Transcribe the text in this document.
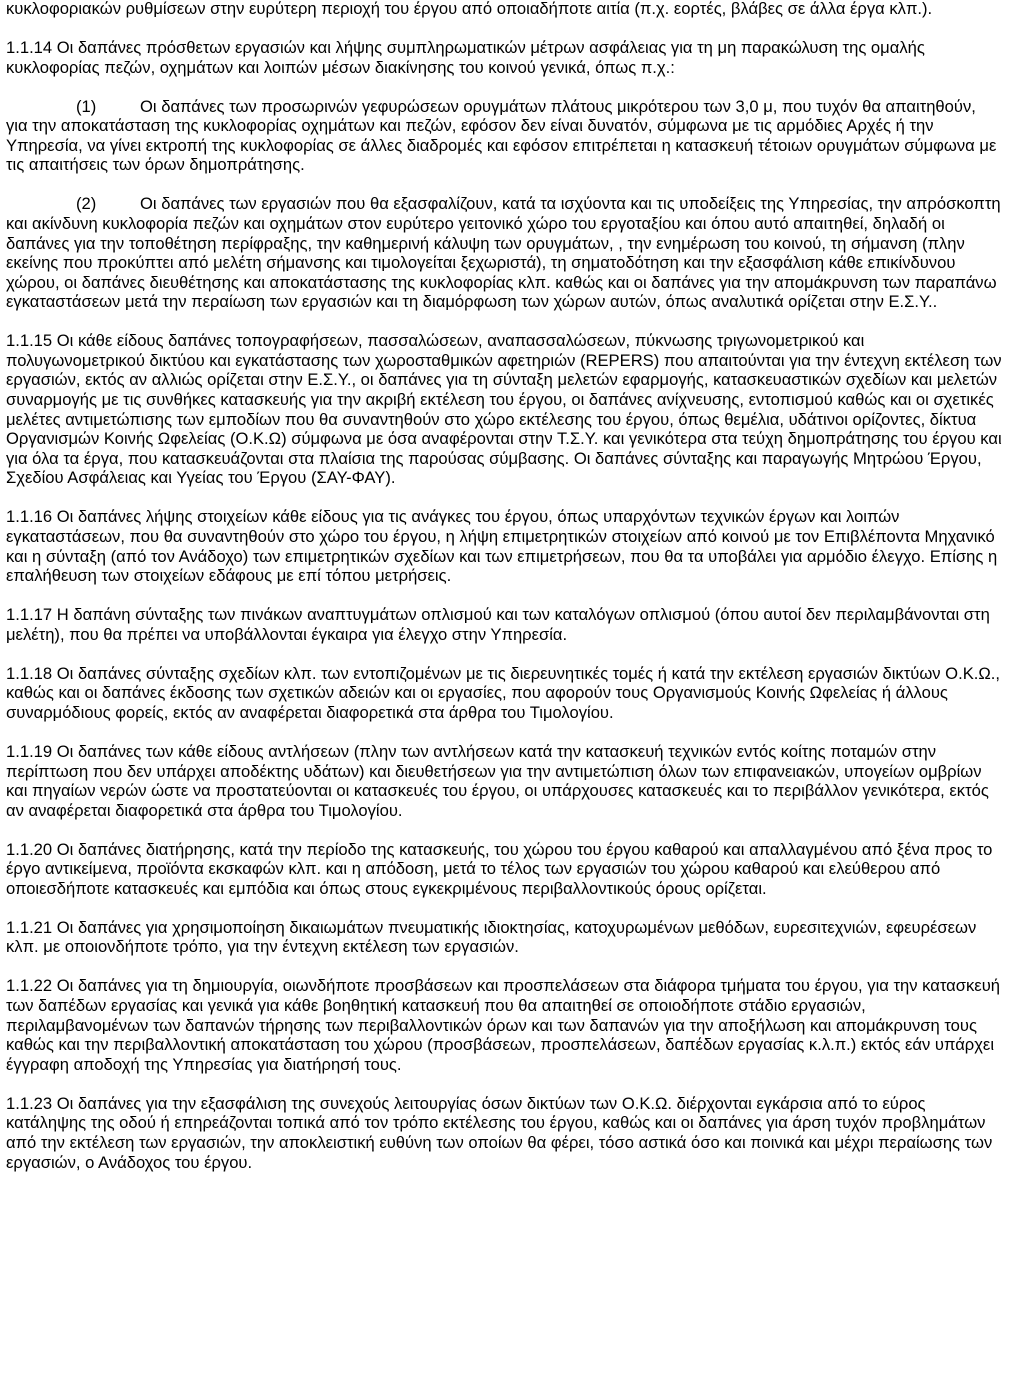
κυκλοφοριακών ρυθμίσεων στην ευρύτερη περιοχή του έργου από οποιαδήποτε αιτία (π.χ. εορτές, βλάβες σε άλλα έργα κλπ.).

1.1.14 Οι δαπάνες πρόσθετων εργασιών και λήψης συμπληρωματικών μέτρων ασφάλειας για τη μη παρακώλυση της ομαλής κυκλοφορίας πεζών, οχημάτων και λοιπών μέσων διακίνησης του κοινού γενικά, όπως π.χ.:

(1)	Οι δαπάνες των προσωρινών γεφυρώσεων ορυγμάτων πλάτους μικρότερου των 3,0 μ, που τυχόν θα απαιτηθούν, για την αποκατάσταση της κυκλοφορίας οχημάτων και πεζών, εφόσον δεν είναι δυνατόν, σύμφωνα με τις αρμόδιες Αρχές ή την Υπηρεσία, να γίνει εκτροπή της κυκλοφορίας σε άλλες διαδρομές και εφόσον επιτρέπεται η κατασκευή τέτοιων ορυγμάτων σύμφωνα με τις απαιτήσεις των όρων δημοπράτησης.

(2)	Οι δαπάνες των εργασιών που θα εξασφαλίζουν, κατά τα ισχύοντα και τις υποδείξεις της Υπηρεσίας, την απρόσκοπτη και ακίνδυνη κυκλοφορία πεζών και οχημάτων στον ευρύτερο γειτονικό χώρο του εργοταξίου και όπου αυτό απαιτηθεί, δηλαδή οι δαπάνες για την τοποθέτηση περίφραξης, την καθημερινή κάλυψη των ορυγμάτων, , την ενημέρωση του κοινού, τη σήμανση (πλην εκείνης που προκύπτει από μελέτη σήμανσης και τιμολογείται ξεχωριστά), τη σηματοδότηση και την εξασφάλιση κάθε επικίνδυνου χώρου, οι δαπάνες διευθέτησης και αποκατάστασης της κυκλοφορίας κλπ. καθώς και οι δαπάνες για την απομάκρυνση των παραπάνω εγκαταστάσεων μετά την περαίωση των εργασιών και τη διαμόρφωση των χώρων αυτών, όπως αναλυτικά ορίζεται στην Ε.Σ.Υ..

1.1.15 Οι κάθε είδους δαπάνες τοπογραφήσεων, πασσαλώσεων, αναπασσαλώσεων, πύκνωσης τριγωνομετρικού και πολυγωνομετρικού δικτύου και εγκατάστασης των χωροσταθμικών αφετηριών (REPERS) που απαιτούνται για την έντεχνη εκτέλεση των εργασιών, εκτός αν αλλιώς ορίζεται στην Ε.Σ.Υ., οι δαπάνες για τη σύνταξη μελετών εφαρμογής, κατασκευαστικών σχεδίων και μελετών συναρμογής με τις συνθήκες κατασκευής για την ακριβή εκτέλεση του έργου, οι δαπάνες ανίχνευσης, εντοπισμού καθώς και οι σχετικές μελέτες αντιμετώπισης των εμποδίων που θα συναντηθούν στο χώρο εκτέλεσης του έργου, όπως θεμέλια, υδάτινοι ορίζοντες, δίκτυα Οργανισμών Κοινής Ωφελείας (Ο.Κ.Ω) σύμφωνα με όσα αναφέρονται στην Τ.Σ.Υ. και γενικότερα στα τεύχη δημοπράτησης του έργου και για όλα τα έργα, που κατασκευάζονται στα πλαίσια της παρούσας σύμβασης. Οι δαπάνες σύνταξης και παραγωγής Μητρώου Έργου, Σχεδίου Ασφάλειας και Υγείας του Έργου (ΣΑΥ-ΦΑΥ).

1.1.16 Οι δαπάνες λήψης στοιχείων κάθε είδους για τις ανάγκες του έργου, όπως υπαρχόντων τεχνικών έργων και λοιπών εγκαταστάσεων, που θα συναντηθούν στο χώρο του έργου, η λήψη επιμετρητικών στοιχείων από κοινού με τον Επιβλέποντα Μηχανικό και η σύνταξη (από τον Ανάδοχο) των επιμετρητικών σχεδίων και των επιμετρήσεων, που θα τα υποβάλει για αρμόδιο έλεγχο. Επίσης η επαλήθευση των στοιχείων εδάφους με επί τόπου μετρήσεις.

1.1.17 Η δαπάνη σύνταξης των πινάκων αναπτυγμάτων οπλισμού και των καταλόγων οπλισμού (όπου αυτοί δεν περιλαμβάνονται στη μελέτη), που θα πρέπει να υποβάλλονται έγκαιρα για έλεγχο στην Υπηρεσία.

1.1.18 Οι δαπάνες σύνταξης σχεδίων κλπ. των εντοπιζομένων με τις διερευνητικές τομές ή κατά την εκτέλεση εργασιών δικτύων Ο.Κ.Ω., καθώς και οι δαπάνες έκδοσης των σχετικών αδειών και οι εργασίες, που αφορούν τους Οργανισμούς Κοινής Ωφελείας ή άλλους συναρμόδιους φορείς, εκτός αν αναφέρεται διαφορετικά στα άρθρα του Τιμολογίου.

1.1.19 Οι δαπάνες των κάθε είδους αντλήσεων (πλην των αντλήσεων κατά την κατασκευή τεχνικών εντός κοίτης ποταμών στην περίπτωση που δεν υπάρχει αποδέκτης υδάτων) και διευθετήσεων για την αντιμετώπιση όλων των επιφανειακών, υπογείων ομβρίων και πηγαίων νερών ώστε να προστατεύονται οι κατασκευές του έργου, οι υπάρχουσες κατασκευές και το περιβάλλον γενικότερα, εκτός αν αναφέρεται διαφορετικά στα άρθρα του Τιμολογίου.

1.1.20 Οι δαπάνες διατήρησης, κατά την περίοδο της κατασκευής, του χώρου του έργου καθαρού και απαλλαγμένου από ξένα προς το έργο αντικείμενα, προϊόντα εκσκαφών κλπ. και η απόδοση, μετά το τέλος των εργασιών του χώρου καθαρού και ελεύθερου από οποιεσδήποτε κατασκευές και εμπόδια και όπως στους εγκεκριμένους περιβαλλοντικούς όρους ορίζεται.

1.1.21 Οι δαπάνες για χρησιμοποίηση δικαιωμάτων πνευματικής ιδιοκτησίας, κατοχυρωμένων μεθόδων, ευρεσιτεχνιών, εφευρέσεων κλπ. με οποιονδήποτε τρόπο, για την έντεχνη εκτέλεση των εργασιών.

1.1.22 Οι δαπάνες για τη δημιουργία, οιωνδήποτε προσβάσεων και προσπελάσεων στα διάφορα τμήματα του έργου, για την κατασκευή των δαπέδων εργασίας και γενικά για κάθε βοηθητική κατασκευή που θα απαιτηθεί σε οποιοδήποτε στάδιο εργασιών, περιλαμβανομένων των δαπανών τήρησης των περιβαλλοντικών όρων και των δαπανών για την αποξήλωση και απομάκρυνση τους καθώς και την περιβαλλοντική αποκατάσταση του χώρου (προσβάσεων, προσπελάσεων, δαπέδων εργασίας κ.λ.π.) εκτός εάν υπάρχει έγγραφη αποδοχή της Υπηρεσίας για διατήρησή τους.

1.1.23 Οι δαπάνες για την εξασφάλιση της συνεχούς λειτουργίας όσων δικτύων των Ο.Κ.Ω. διέρχονται εγκάρσια από το εύρος κατάληψης της οδού ή επηρεάζονται τοπικά από τον τρόπο εκτέλεσης του έργου, καθώς και οι δαπάνες για άρση τυχόν προβλημάτων από την εκτέλεση των εργασιών, την αποκλειστική ευθύνη των οποίων θα φέρει, τόσο αστικά όσο και ποινικά και μέχρι περαίωσης των εργασιών, ο Ανάδοχος του έργου.
